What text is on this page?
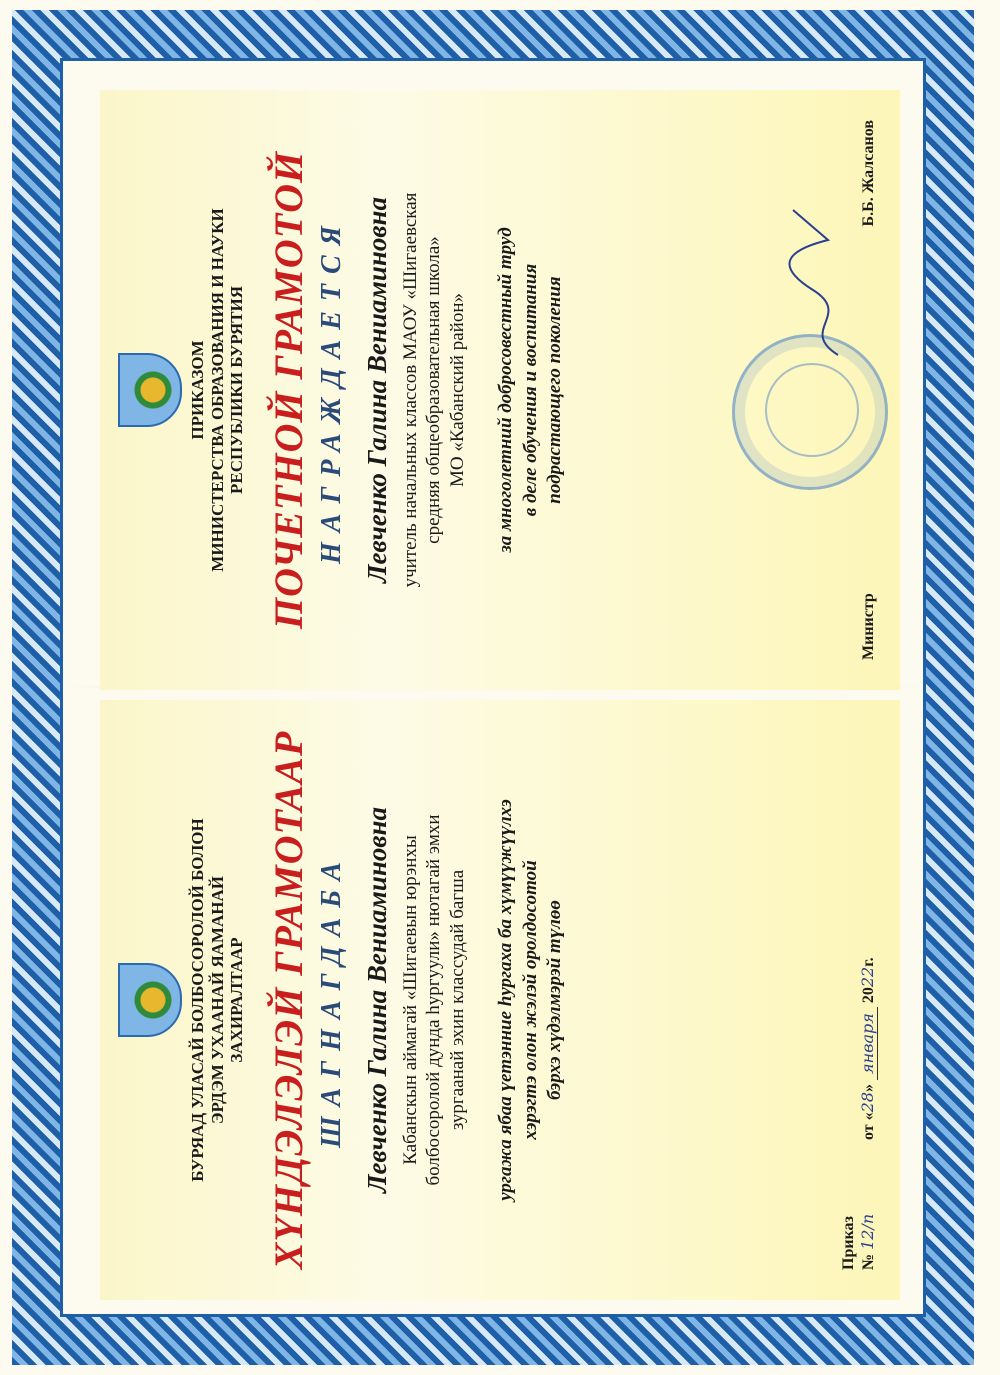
ПРИКАЗОМ МИНИСТЕРСТВА ОБРАЗОВАНИЯ И НАУКИ РЕСПУБЛИКИ БУРЯТИЯ ПОЧЕТНОЙ ГРАМОТОЙ НАГРАЖДАЕТСЯ Левченко Галина Вениаминовна учитель начальных классов МАОУ «Шигаевская средняя общеобразовательная школа» МО «Кабанский район» за многолетний добросовестный труд в деле обучения и воспитания подрастающего поколения
Министр
Б.Б. Жалсанов
БУРЯАД УЛАСАЙ БОЛБОСОРОЛОЙ БОЛОН ЭРДЭМ УХААНАЙ ЯАМАНАЙ ЗАХИРАЛТААР ХҮНДЭЛЭЛЭЙ ГРАМОТААР ШАГНАГДАБА Левченко Галина Вениаминовна Кабанскын аймагай «Шигаевын юрэнхы болбосоролой дунда һургуули» нютагай эмхи зургаанай эхин классудай багша ургажа ябаа үетэнние һургаха ба хүмүүжүүлхэ хэрэгтэ олон жэлэй оролдосотой бэрхэ хүдэлмэрэй түлөө
Приказ № 12/п
от «28» января 2022г.
